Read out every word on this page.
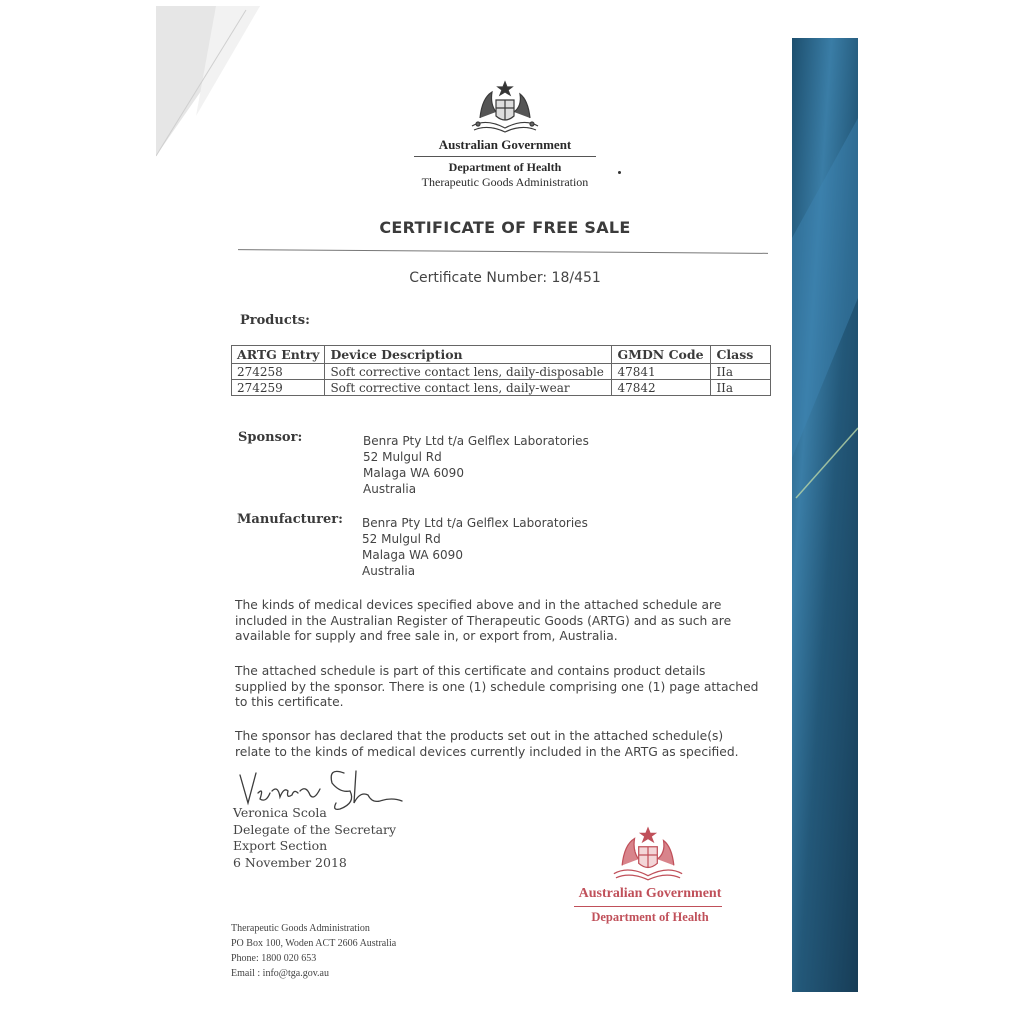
Australian Government
Department of Health
Therapeutic Goods Administration
CERTIFICATE OF FREE SALE
Certificate Number: 18/451
Products:
ARTG Entry	Device Description	GMDN Code	Class
274258	Soft corrective contact lens, daily-disposable	47841	IIa
274259	Soft corrective contact lens, daily-wear	47842	IIa
Sponsor:	Benra Pty Ltd t/a Gelflex Laboratories
52 Mulgul Rd
Malaga WA 6090
Australia
Manufacturer: Benra Pty Ltd t/a Gelflex Laboratories
52 Mulgul Rd
Malaga WA 6090
Australia
The kinds of medical devices specified above and in the attached schedule are included in the Australian Register of Therapeutic Goods (ARTG) and as such are available for supply and free sale in, or export from, Australia.
The attached schedule is part of this certificate and contains product details supplied by the sponsor. There is one (1) schedule comprising one (1) page attached to this certificate.
The sponsor has declared that the products set out in the attached schedule(s) relate to the kinds of medical devices currently included in the ARTG as specified.
Veronica Scola
Delegate of the Secretary
Export Section
6 November 2018
Therapeutic Goods Administration
PO Box 100, Woden ACT 2606 Australia
Phone: 1800 020 653
Email : info@tga.gov.au
Australian Government
Department of Health
